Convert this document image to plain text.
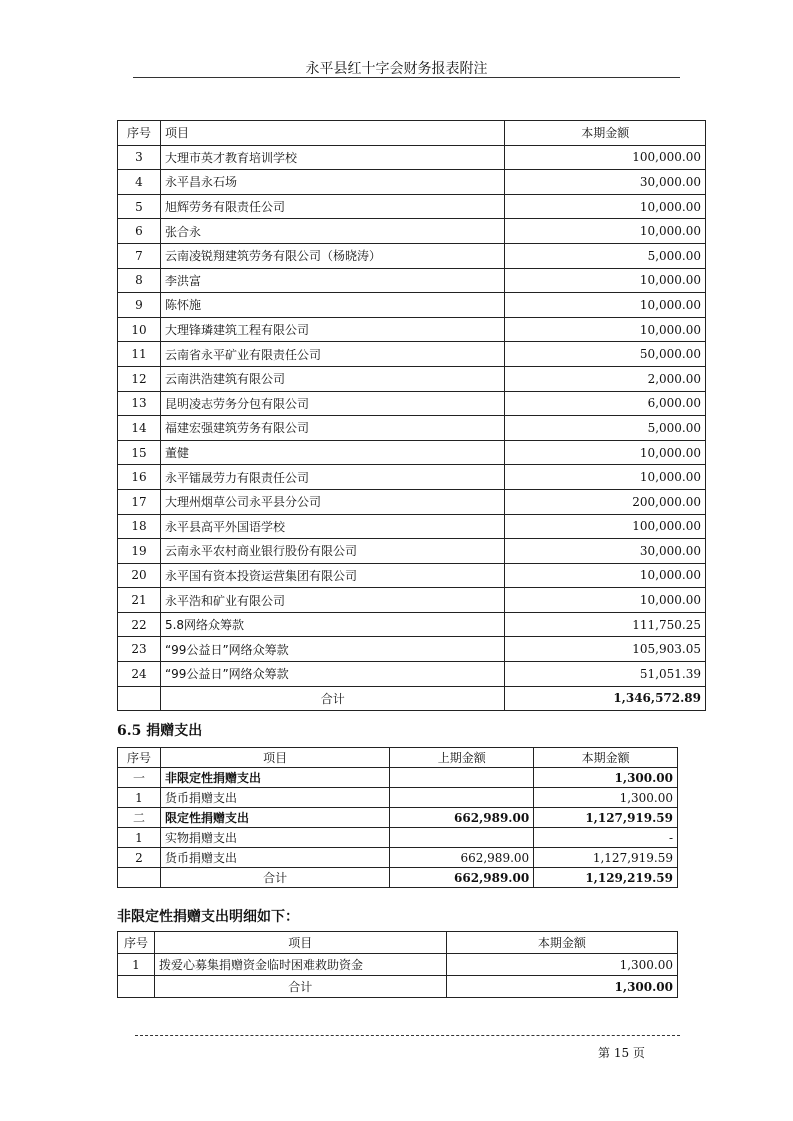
永平县红十字会财务报表附注
序号	项目	本期金额
3	大理市英才教育培训学校	100,000.00
4	永平昌永石场	30,000.00
5	旭辉劳务有限责任公司	10,000.00
6	张合永	10,000.00
7	云南凌锐翔建筑劳务有限公司（杨晓涛）	5,000.00
8	李洪富	10,000.00
9	陈怀施	10,000.00
10	大理锋璘建筑工程有限公司	10,000.00
11	云南省永平矿业有限责任公司	50,000.00
12	云南洪浩建筑有限公司	2,000.00
13	昆明凌志劳务分包有限公司	6,000.00
14	福建宏强建筑劳务有限公司	5,000.00
15	董健	10,000.00
16	永平镭晟劳力有限责任公司	10,000.00
17	大理州烟草公司永平县分公司	200,000.00
18	永平县高平外国语学校	100,000.00
19	云南永平农村商业银行股份有限公司	30,000.00
20	永平国有资本投资运营集团有限公司	10,000.00
21	永平浩和矿业有限公司	10,000.00
22	5.8网络众筹款	111,750.25
23	“99公益日”网络众筹款	105,903.05
24	“99公益日”网络众筹款	51,051.39
	合计	1,346,572.89
6.5 捐赠支出
序号	项目	上期金额	本期金额
一	非限定性捐赠支出		1,300.00
1	货币捐赠支出		1,300.00
二	限定性捐赠支出	662,989.00	1,127,919.59
1	实物捐赠支出		-
2	货币捐赠支出	662,989.00	1,127,919.59
	合计	662,989.00	1,129,219.59
非限定性捐赠支出明细如下：
序号	项目	本期金额
1	拨爱心募集捐赠资金临时困难救助资金	1,300.00
	合计	1,300.00
第 15 页
